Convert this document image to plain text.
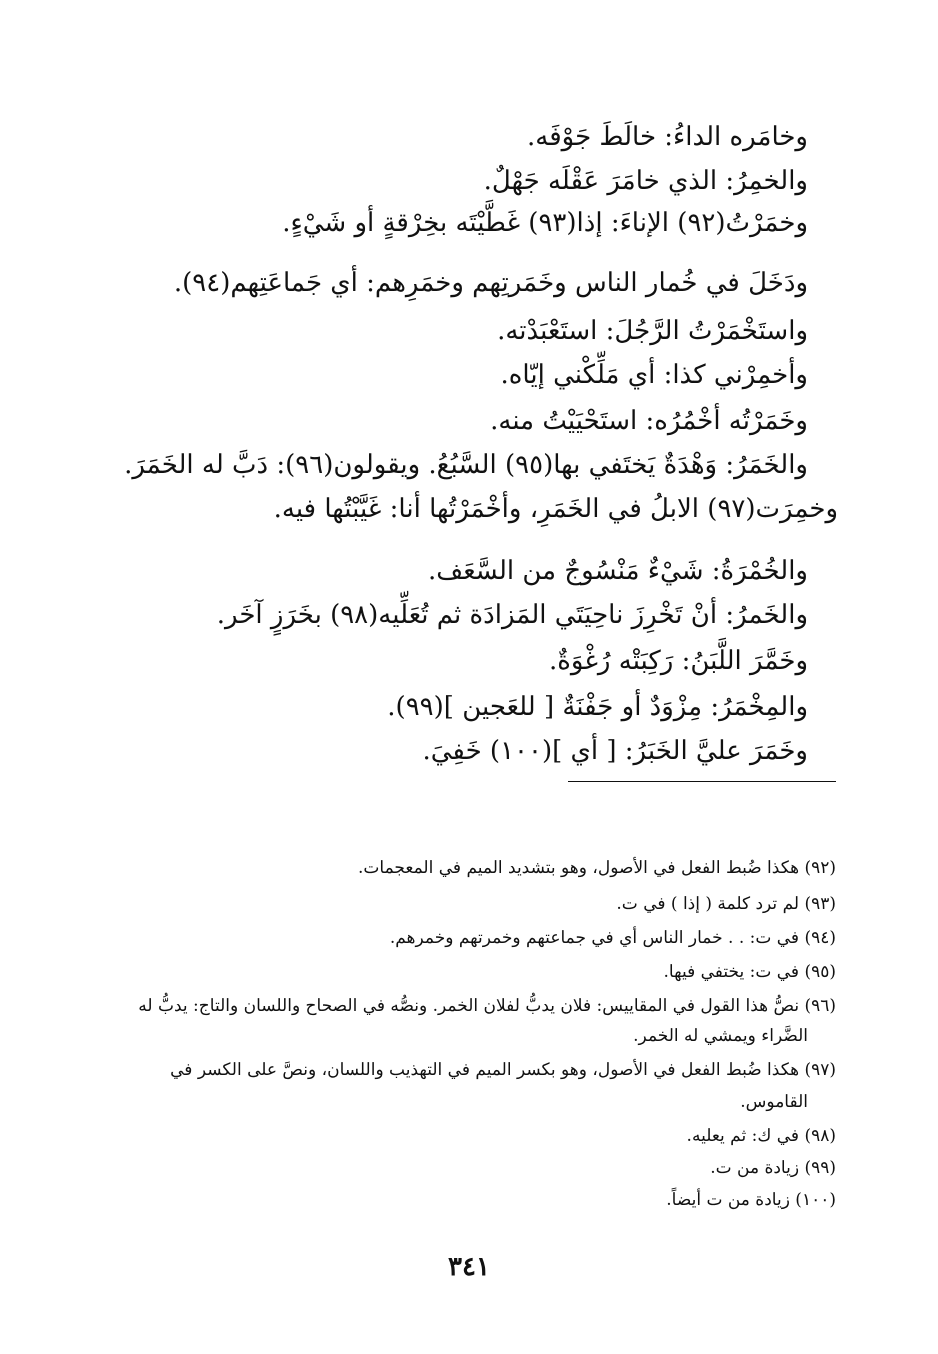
وخامَره الداءُ: خالَطَ جَوْفَه.
والخمِرُ: الذي خامَرَ عَقْلَه جَهْلٌ.
وخمَرْتُ(٩٢) الإناءَ: إذا(٩٣) غَطَّيْتَه بخِرْقةٍ أو شَيْءٍ.
ودَخَلَ في خُمار الناس وخَمَرتِهم وخمَرِهم: أي جَماعَتِهم(٩٤).
واستَخْمَرْتُ الرَّجُلَ: استَعْبَدْته.
وأخمِرْني كذا: أي مَلِّكْني إيّاه.
وخَمَرْتُه أخْمُرُه: استَحْيَيْتُ منه.
والخَمَرُ: وَهْدَةٌ يَختَفي بها(٩٥) السَّبُعُ. ويقولون(٩٦): دَبَّ له الخَمَرَ.
وخمِرَت(٩٧) الابلُ في الخَمَرِ، وأخْمَرْتُها أنا: غَيَّبْتُها فيه.
والخُمْرَةُ: شَيْءٌ مَنْسُوجٌ من السَّعَف.
والخَمرُ: أنْ تَخْرِزَ ناحِيَتَي المَزادَة ثم تُعَلِّيه(٩٨) بخَرَزٍ آخَر.
وخَمَّرَ اللَّبَنُ: رَكِبَتْه رُغْوَةٌ.
والمِخْمَرُ: مِزْوَدٌ أو جَفْنَةٌ [ للعَجين ](٩٩).
وخَمَرَ عليَّ الخَبَرُ: [ أي ](١٠٠) خَفِيَ.
(٩٢) هكذا ضُبط الفعل في الأصول، وهو بتشديد الميم في المعجمات.
(٩٣) لم ترد كلمة ( إذا ) في ت.
(٩٤) في ت: . . خمار الناس أي في جماعتهم وخمرتهم وخمرهم.
(٩٥) في ت: يختفي فيها.
(٩٦) نصُّ هذا القول في المقاييس: فلان يدبُّ لفلان الخمر. ونصُّه في الصحاح واللسان والتاج: يدبُّ له
الضَّراء ويمشي له الخمر.
(٩٧) هكذا ضُبط الفعل في الأصول، وهو بكسر الميم في التهذيب واللسان، ونصَّ على الكسر في
القاموس.
(٩٨) في ك: ثم يعليه.
(٩٩) زيادة من ت.
(١٠٠) زيادة من ت أيضاً.
٣٤١
